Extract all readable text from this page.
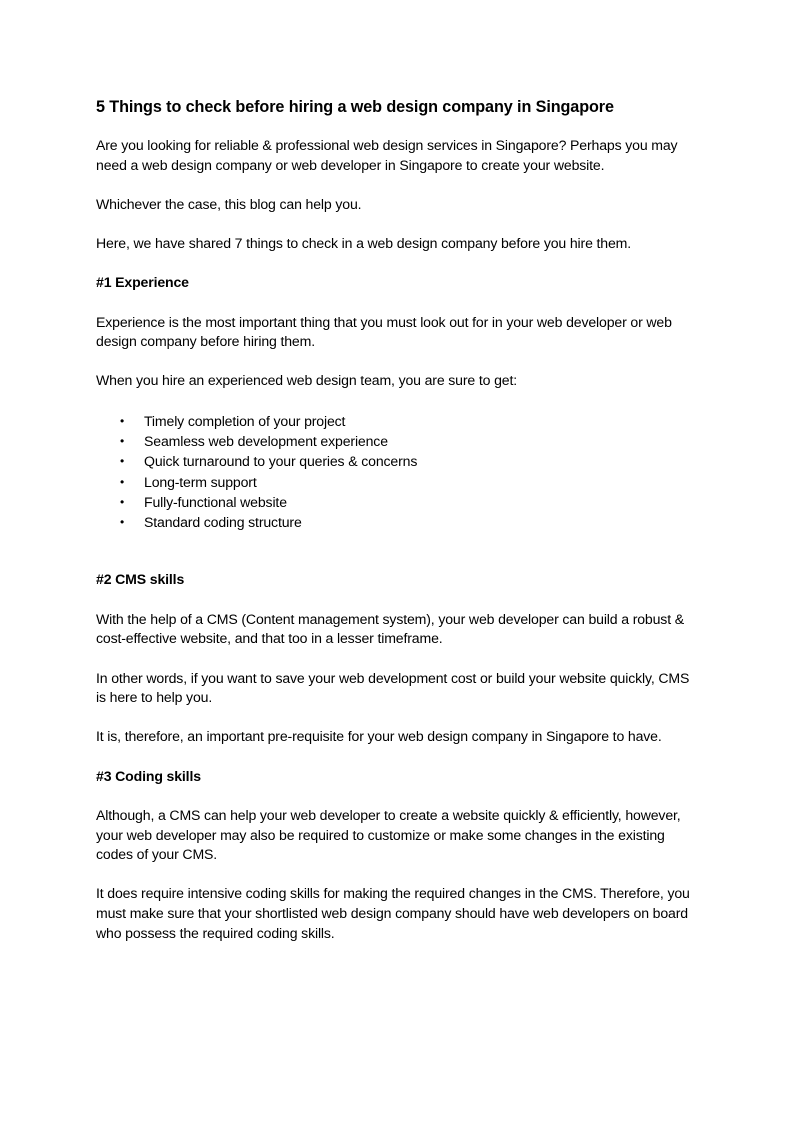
5 Things to check before hiring a web design company in Singapore

Are you looking for reliable & professional web design services in Singapore? Perhaps you may need a web design company or web developer in Singapore to create your website.

Whichever the case, this blog can help you.

Here, we have shared 7 things to check in a web design company before you hire them.

#1 Experience

Experience is the most important thing that you must look out for in your web developer or web design company before hiring them.

When you hire an experienced web design team, you are sure to get:

• Timely completion of your project
• Seamless web development experience
• Quick turnaround to your queries & concerns
• Long-term support
• Fully-functional website
• Standard coding structure

#2 CMS skills

With the help of a CMS (Content management system), your web developer can build a robust & cost-effective website, and that too in a lesser timeframe.

In other words, if you want to save your web development cost or build your website quickly, CMS is here to help you.

It is, therefore, an important pre-requisite for your web design company in Singapore to have.

#3 Coding skills

Although, a CMS can help your web developer to create a website quickly & efficiently, however, your web developer may also be required to customize or make some changes in the existing codes of your CMS.

It does require intensive coding skills for making the required changes in the CMS. Therefore, you must make sure that your shortlisted web design company should have web developers on board who possess the required coding skills.
